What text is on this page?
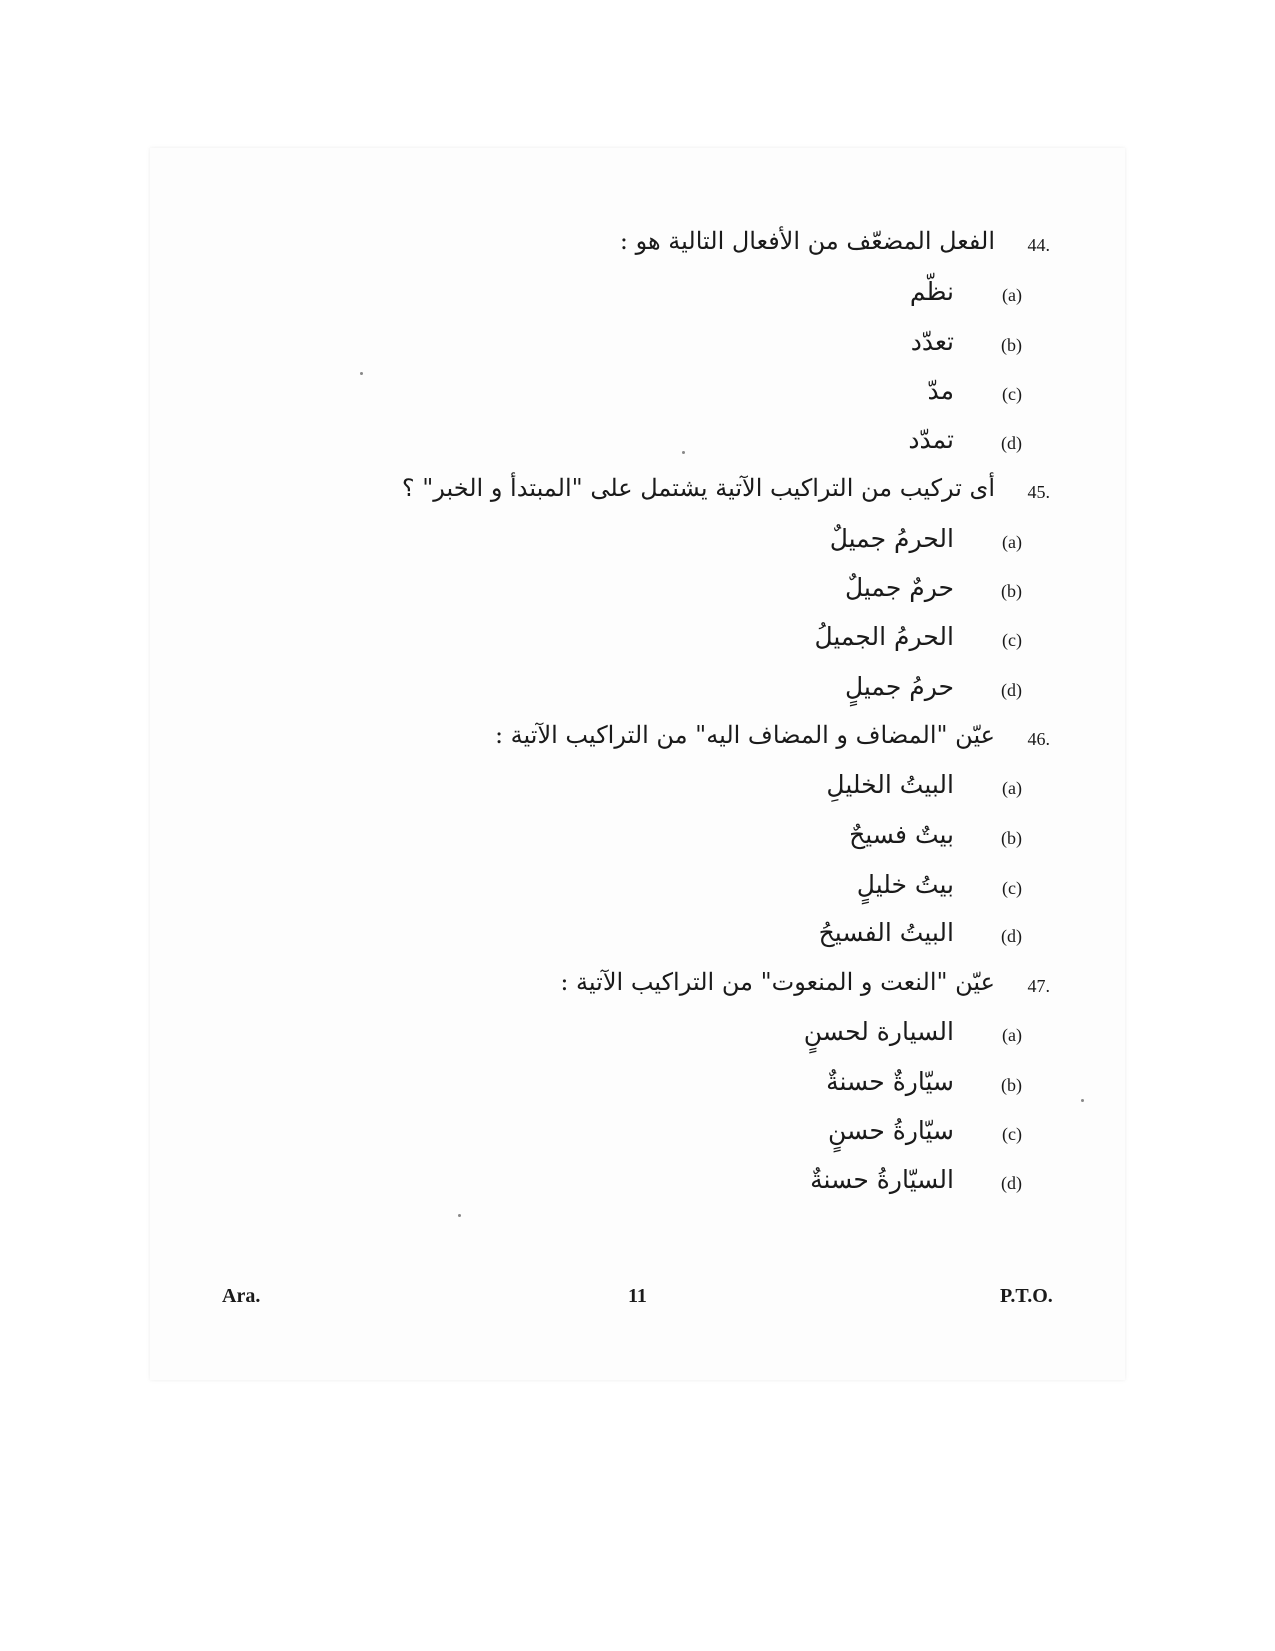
44.
الفعل المضعّف من الأفعال التالية هو :
(a)
نظّم
(b)
تعدّد
(c)
مدّ
(d)
تمدّد
45.
أى تركيب من التراكيب الآتية يشتمل على "المبتدأ و الخبر" ؟
(a)
الحرمُ جميلٌ
(b)
حرمٌ جميلٌ
(c)
الحرمُ الجميلُ
(d)
حرمُ جميلٍ
46.
عيّن "المضاف و المضاف اليه" من التراكيب الآتية :
(a)
البيتُ الخليلِ
(b)
بيتٌ فسيحٌ
(c)
بيتُ خليلٍ
(d)
البيتُ الفسيحُ
47.
عيّن "النعت و المنعوت" من التراكيب الآتية :
(a)
السيارة لحسنٍ
(b)
سيّارةٌ حسنةٌ
(c)
سيّارةُ حسنٍ
(d)
السيّارةُ حسنةٌ
Ara.	11	P.T.O.
